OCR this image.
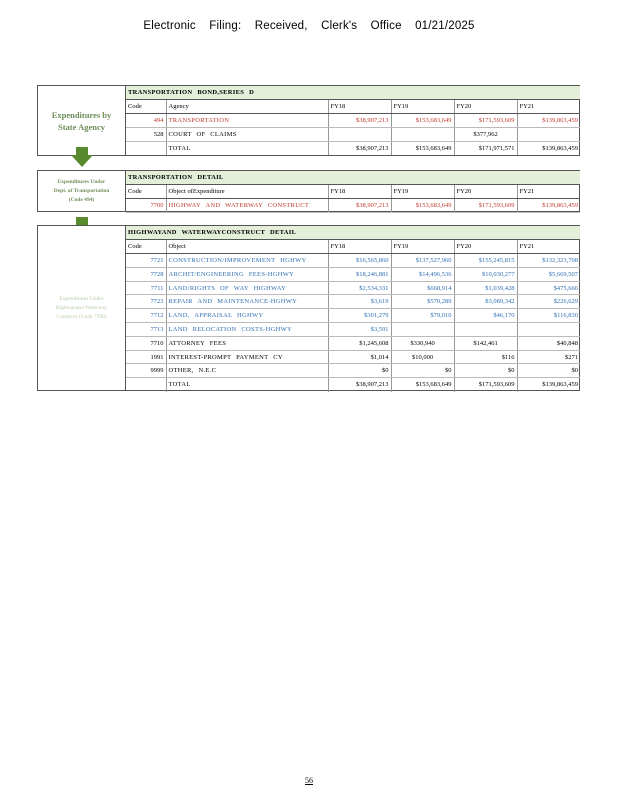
Electronic Filing: Received, Clerk's Office 01/21/2025
Expenditures by
State Agency
TRANSPORTATION BOND,SERIES D					
Code	Agency	FY18	FY19	FY20	FY21
494	TRANSPORTATION	$38,907,213	$153,683,649	$171,593,609	$139,863,459
528	COURT OF CLAIMS			$377,962	
	TOTAL	$38,907,213	$153,683,649	$171,971,571	$139,863,459
Expenditures Under
Dept. of Transportation
(Code 494)
TRANSPORTATION DETAIL					
Code	Object ofExpenditure	FY18	FY19	FY20	FY21
7700	HIGHWAY AND WATERWAY CONSTRUCT	$38,907,213	$153,683,649	$171,593,609	$139,863,459
Expenditures Under
Highwayand Waterway
Construct (Code 7700)
HIGHWAYAND WATERWAYCONSTRUCT DETAIL					
Code	Object	FY18	FY19	FY20	FY21
7721	CONSTRUCTION/IMPROVEMENT HGHWY	$16,565,860	$137,527,960	$155,245,815	$132,323,708
7728	ARCHIT/ENGINEERING FEES-HGHWY	$18,246,881	$14,496,536	$10,030,277	$5,669,507
7711	LAND/RIGHTS OF WAY HIGHWAY	$2,534,331	$668,914	$1,039,428	$475,666
7723	REPAIR AND MAINTENANCE-HGHWY	$3,619	$570,289	$3,089,342	$226,629
7712	LAND, APPRAISAL HGHWY	$301,279	$79,010	$46,170	$116,830
7713	LAND RELOCATION COSTS-HGHWY	$3,591			
7710	ATTORNEY FEES	$1,245,608	$330,940	$142,461	$40,848
1991	INTEREST-PROMPT PAYMENT CY	$1,014	$10,000	$116	$271
9999	OTHER, N.E.C	$0	$0	$0	$0
	TOTAL	$38,907,213	$153,683,649	$171,593,609	$139,863,459
56
